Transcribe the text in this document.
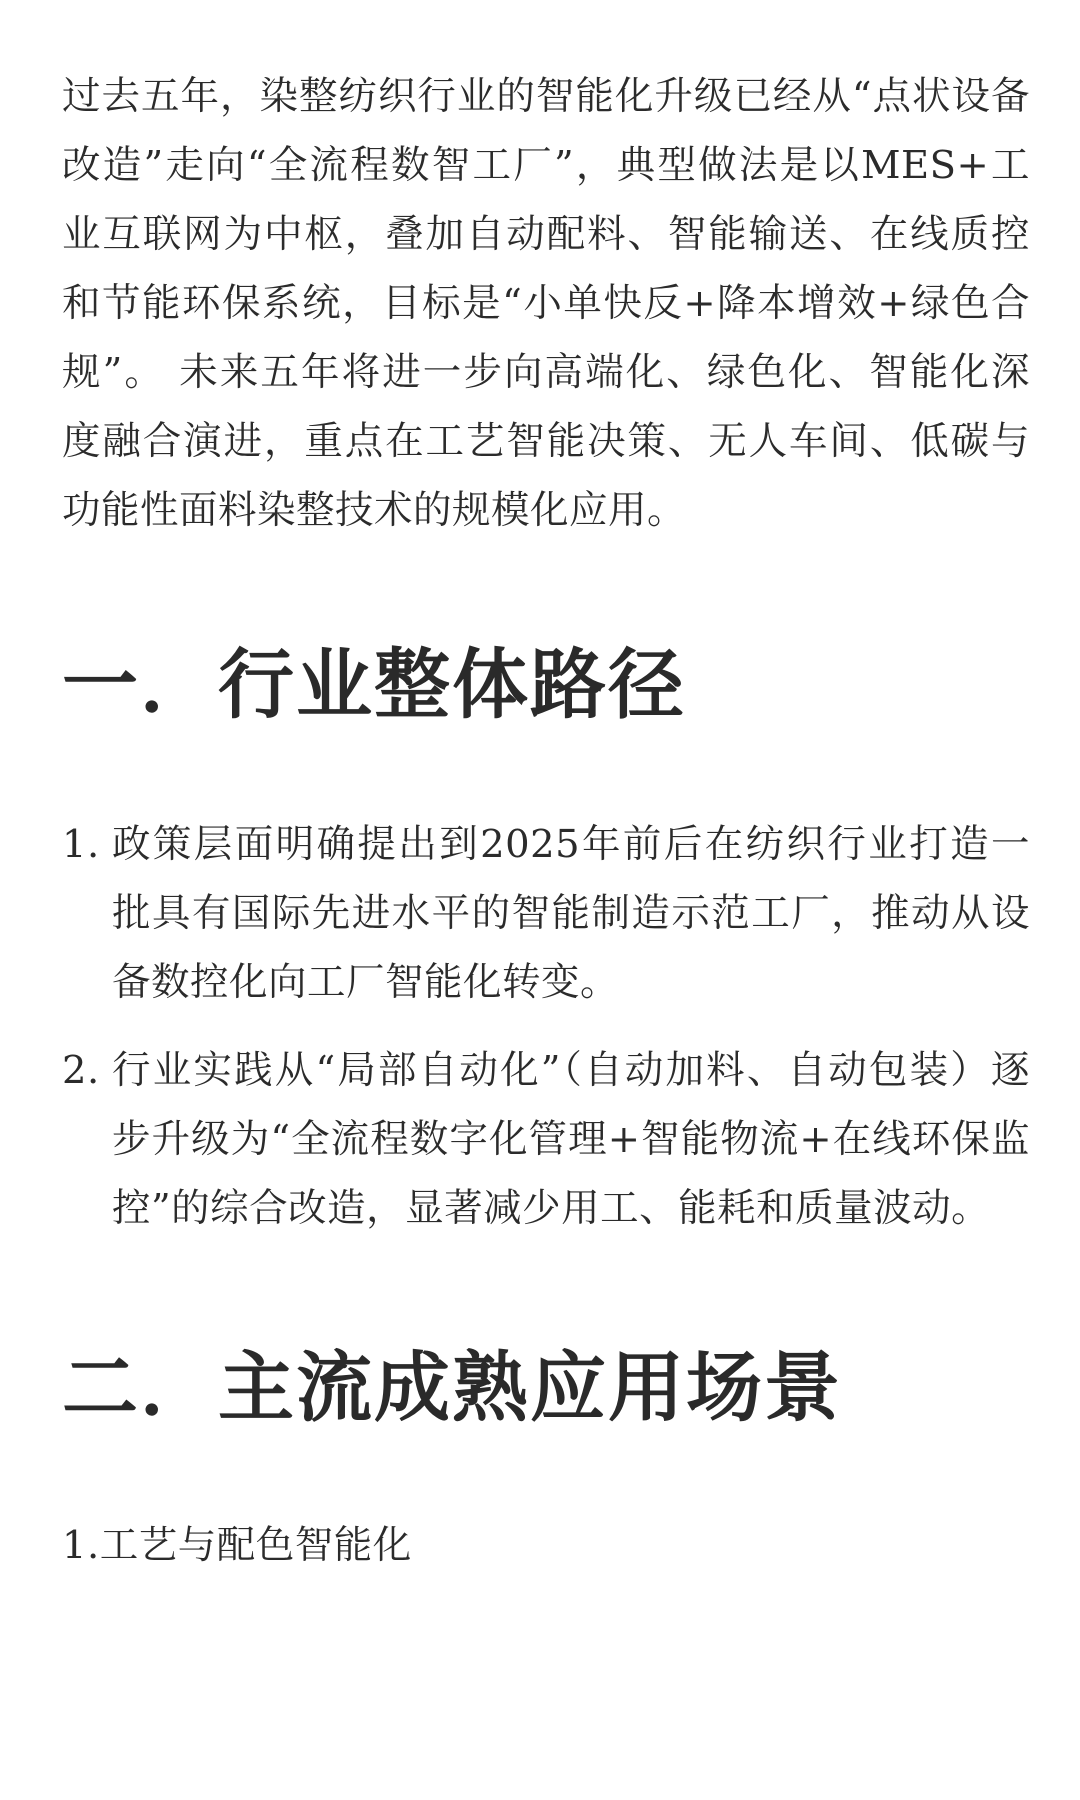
过去五年，染整纺织行业的智能化升级已经从“点状设备改造”走向“全流程数智工厂”，典型做法是以MES+工业互联网为中枢，叠加自动配料、智能输送、在线质控和节能环保系统，目标是“小单快反+降本增效+绿色合规”。 未来五年将进一步向高端化、绿色化、智能化深度融合演进，重点在工艺智能决策、无人车间、低碳与功能性面料染整技术的规模化应用。

一．行业整体路径
1. 政策层面明确提出到2025年前后在纺织行业打造一批具有国际先进水平的智能制造示范工厂，推动从设备数控化向工厂智能化转变。
2. 行业实践从“局部自动化”（自动加料、自动包装）逐步升级为“全流程数字化管理+智能物流+在线环保监控”的综合改造，显著减少用工、能耗和质量波动。
二．主流成熟应用场景

1.工艺与配色智能化
